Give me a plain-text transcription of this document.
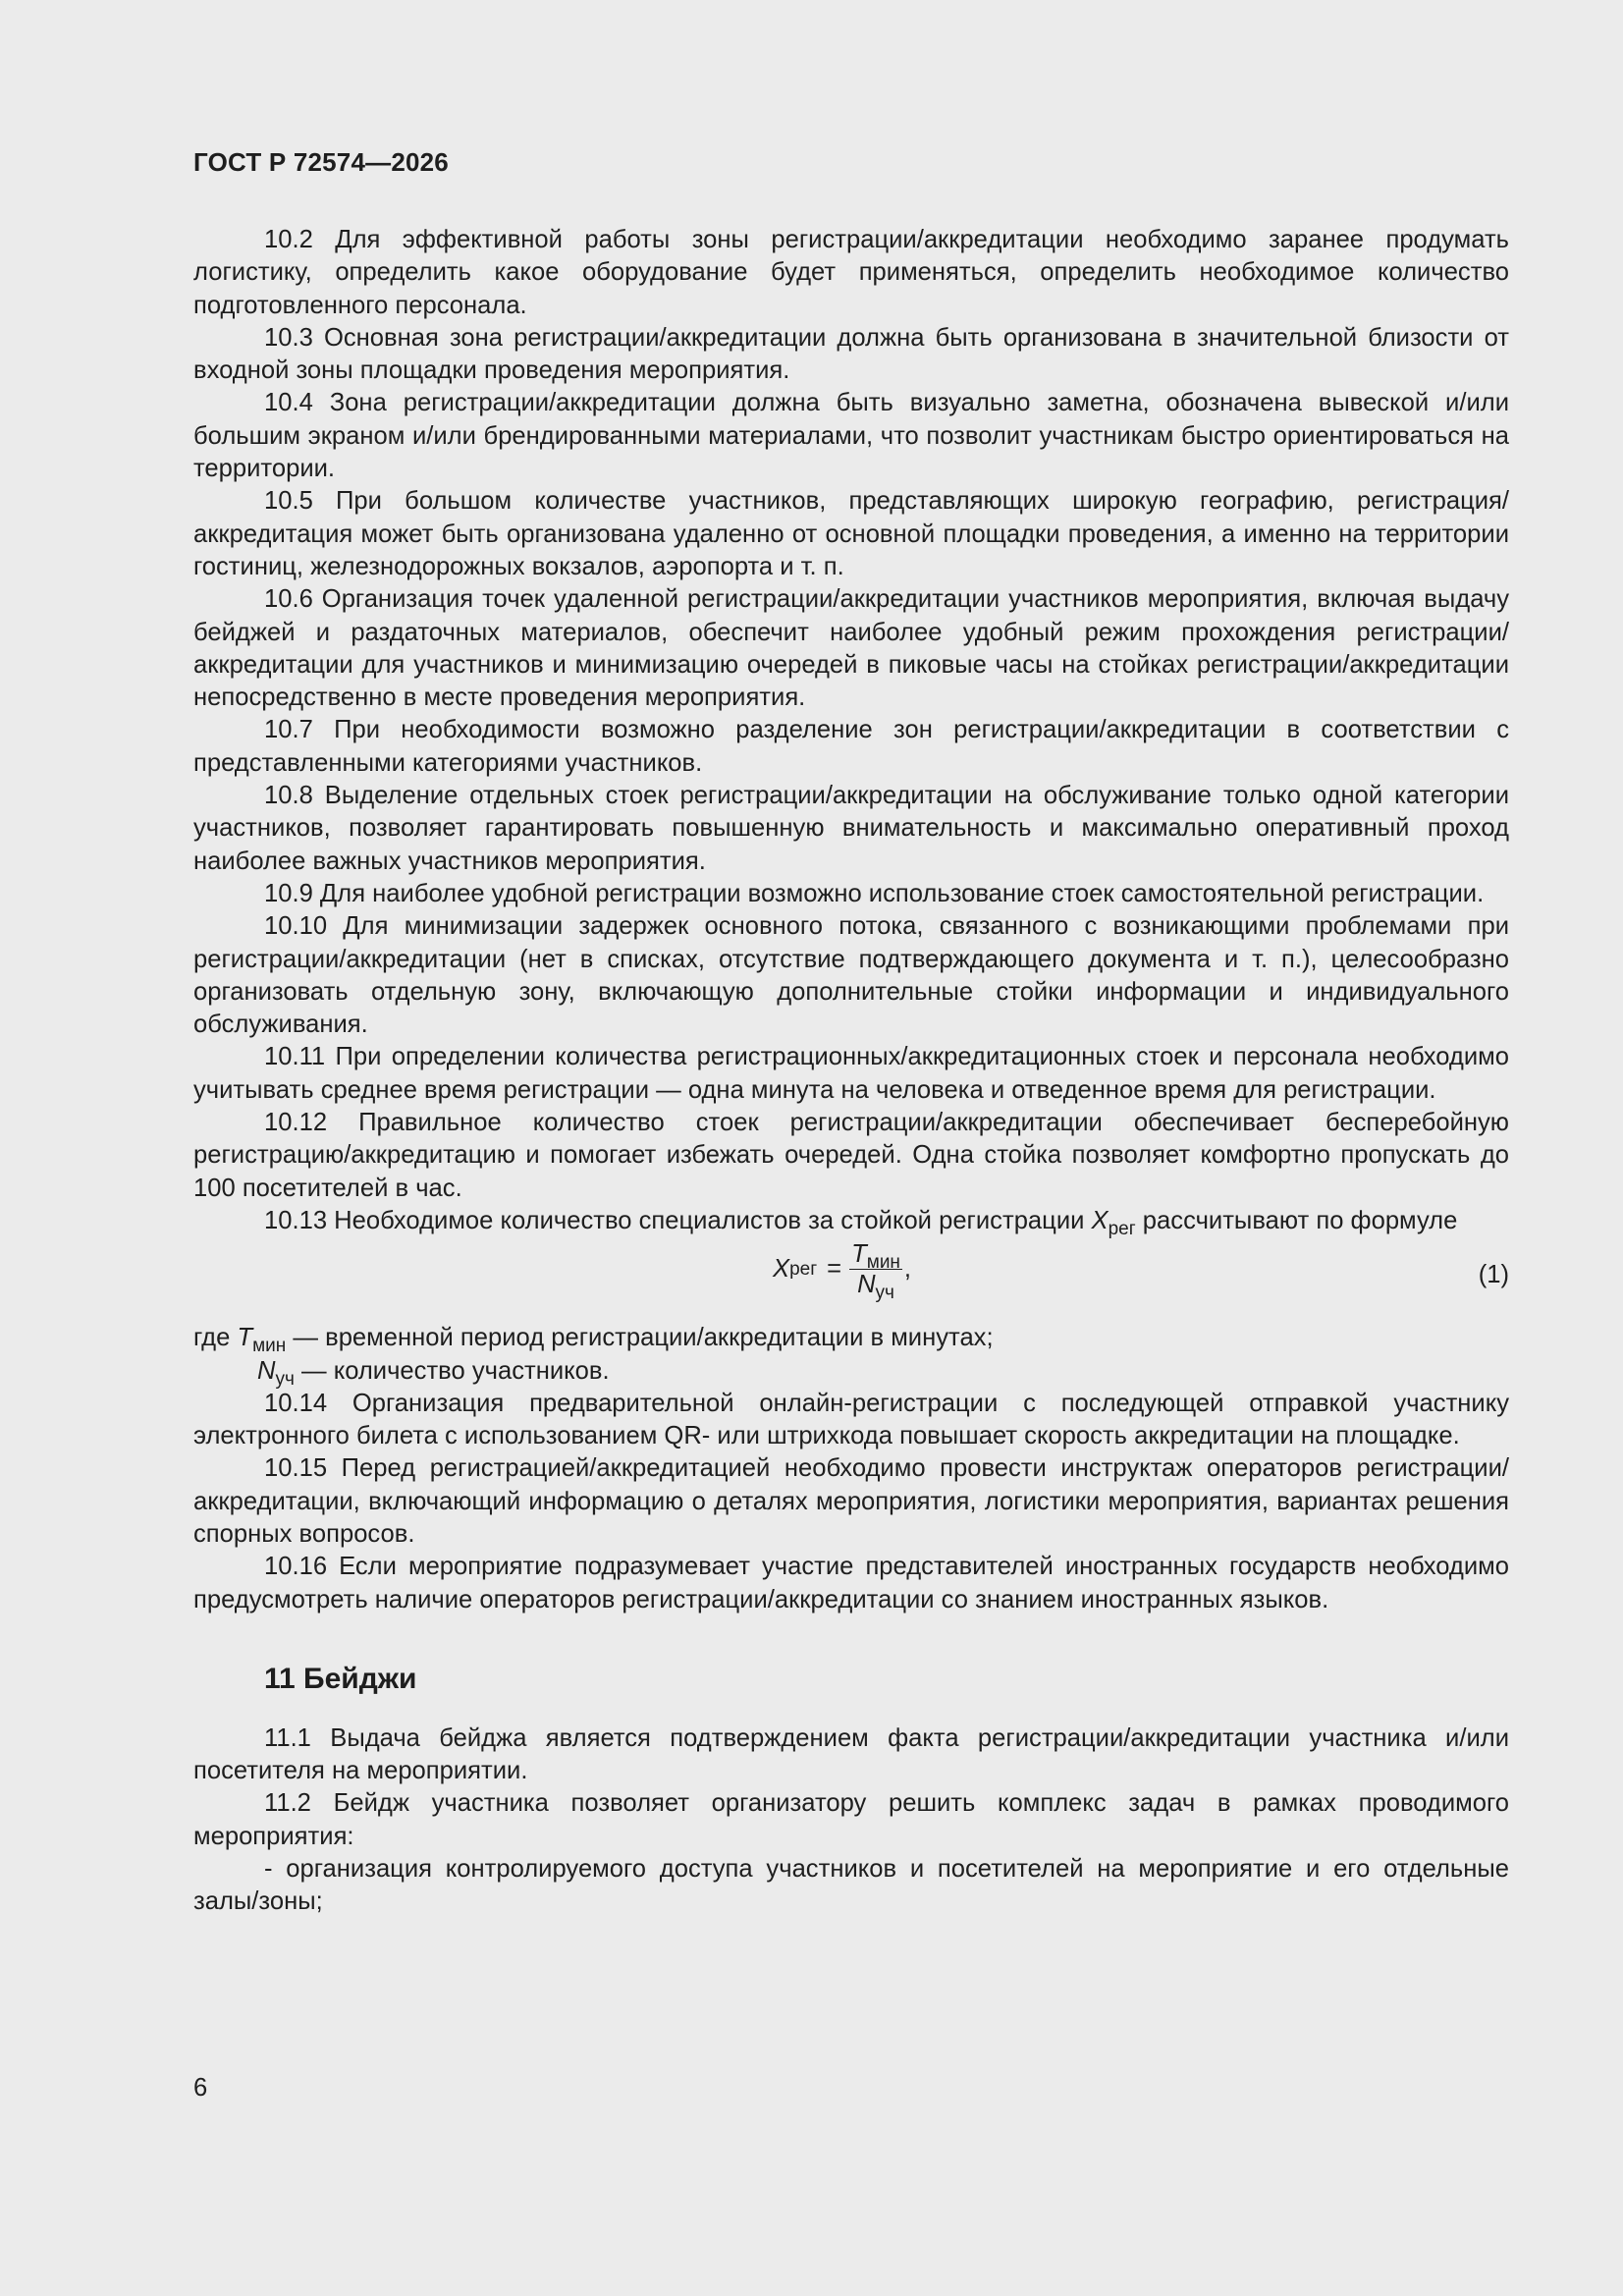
ГОСТ Р 72574—2026

10.2 Для эффективной работы зоны регистрации/аккредитации необходимо заранее продумать логистику, определить какое оборудование будет применяться, определить необходимое количество подготовленного персонала.

10.3 Основная зона регистрации/аккредитации должна быть организована в значительной близости от входной зоны площадки проведения мероприятия.

10.4 Зона регистрации/аккредитации должна быть визуально заметна, обозначена вывеской и/или большим экраном и/или брендированными материалами, что позволит участникам быстро ориентироваться на территории.

10.5 При большом количестве участников, представляющих широкую географию, регистрация/аккредитация может быть организована удаленно от основной площадки проведения, а именно на территории гостиниц, железнодорожных вокзалов, аэропорта и т. п.

10.6 Организация точек удаленной регистрации/аккредитации участников мероприятия, включая выдачу бейджей и раздаточных материалов, обеспечит наиболее удобный режим прохождения регистрации/аккредитации для участников и минимизацию очередей в пиковые часы на стойках регистрации/аккредитации непосредственно в месте проведения мероприятия.

10.7 При необходимости возможно разделение зон регистрации/аккредитации в соответствии с представленными категориями участников.

10.8 Выделение отдельных стоек регистрации/аккредитации на обслуживание только одной категории участников, позволяет гарантировать повышенную внимательность и максимально оперативный проход наиболее важных участников мероприятия.

10.9 Для наиболее удобной регистрации возможно использование стоек самостоятельной регистрации.

10.10 Для минимизации задержек основного потока, связанного с возникающими проблемами при регистрации/аккредитации (нет в списках, отсутствие подтверждающего документа и т. п.), целесообразно организовать отдельную зону, включающую дополнительные стойки информации и индивидуального обслуживания.

10.11 При определении количества регистрационных/аккредитационных стоек и персонала необходимо учитывать среднее время регистрации — одна минута на человека и отведенное время для регистрации.

10.12 Правильное количество стоек регистрации/аккредитации обеспечивает бесперебойную регистрацию/аккредитацию и помогает избежать очередей. Одна стойка позволяет комфортно пропускать до 100 посетителей в час.

10.13 Необходимое количество специалистов за стойкой регистрации $X_{рег}$ рассчитывают по формуле

X рег = $\frac{T_{мин}}{N_{уч}}$ ,	(1)

где $T_{мин}$ — временной период регистрации/аккредитации в минутах;

$N_{уч}$ — количество участников.

10.14 Организация предварительной онлайн-регистрации с последующей отправкой участнику электронного билета с использованием QR- или штрихкода повышает скорость аккредитации на площадке.

10.15 Перед регистрацией/аккредитацией необходимо провести инструктаж операторов регистрации/аккредитации, включающий информацию о деталях мероприятия, логистики мероприятия, вариантах решения спорных вопросов.

10.16 Если мероприятие подразумевает участие представителей иностранных государств необходимо предусмотреть наличие операторов регистрации/аккредитации со знанием иностранных языков.

11 Бейджи

11.1 Выдача бейджа является подтверждением факта регистрации/аккредитации участника и/или посетителя на мероприятии.

11.2 Бейдж участника позволяет организатору решить комплекс задач в рамках проводимого мероприятия:

- организация контролируемого доступа участников и посетителей на мероприятие и его отдельные залы/зоны;

6
